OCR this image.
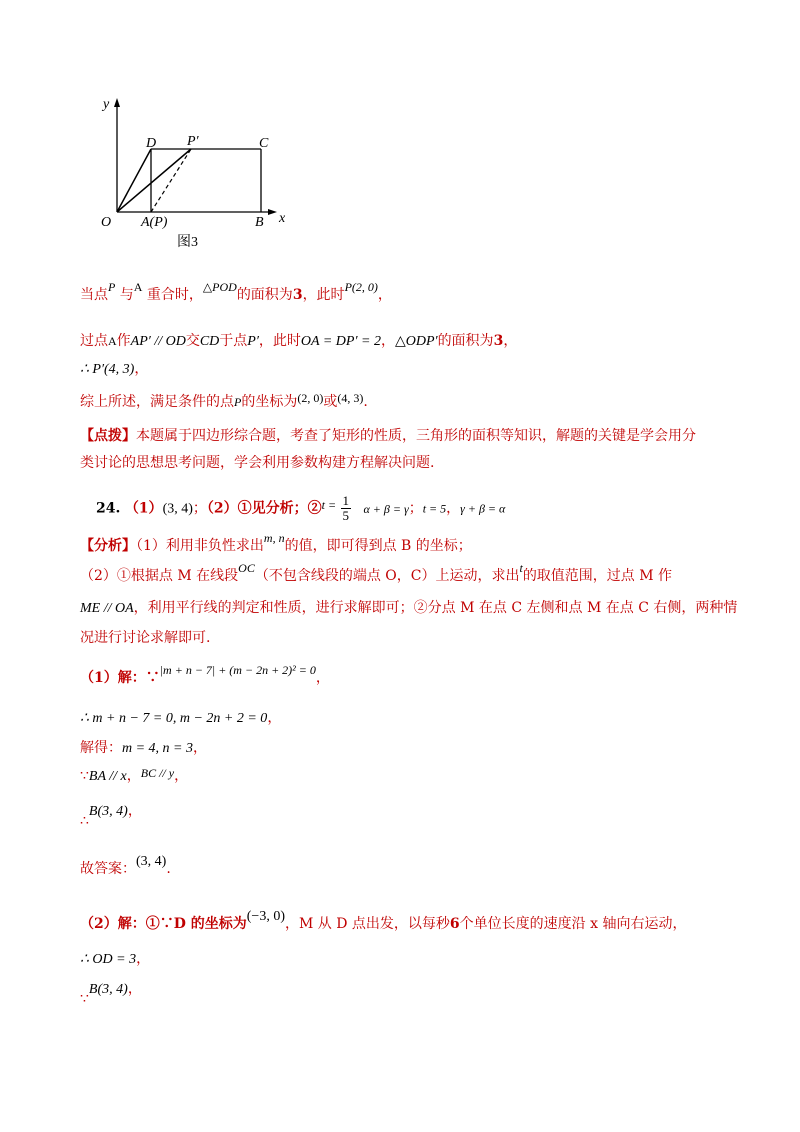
y
D P′	C
O A(P)	B x
图3
当点P 与A 重合时，△POD的面积为3，此时P(2, 0)，
过点A作AP′ // OD交CD于点P′，此时OA = DP′ = 2，△ODP′的面积为3，
∴ P′(4, 3)，
综上所述，满足条件的点P的坐标为(2, 0)或(4, 3).
【点拨】本题属于四边形综合题，考查了矩形的性质，三角形的面积等知识，解题的关键是学会用分
类讨论的思想思考问题，学会利用参数构建方程解决问题.
24. （1）(3, 4)；（2）①见分析；②t = $\frac{1}{5}$ α + β = γ；t = 5，γ + β = α
【分析】（1）利用非负性求出m, n的值，即可得到点 B 的坐标；
（2）①根据点 M 在线段OC（不包含线段的端点 O，C）上运动，求出t的取值范围，过点 M 作
ME // OA，利用平行线的判定和性质，进行求解即可；②分点 M 在点 C 左侧和点 M 在点 C 右侧，两种情
况进行讨论求解即可.
（1）解：∵|m + n − 7| + (m − 2n + 2)² = 0，
∴ m + n − 7 = 0, m − 2n + 2 = 0，
解得：m = 4, n = 3，
∵BA // x，BC // y，
∴B(3, 4)，
故答案：(3, 4).
（2）解：①∵D 的坐标为(−3, 0)，M 从 D 点出发，以每秒6个单位长度的速度沿 x 轴向右运动，
∴ OD = 3，
∵B(3, 4)，
